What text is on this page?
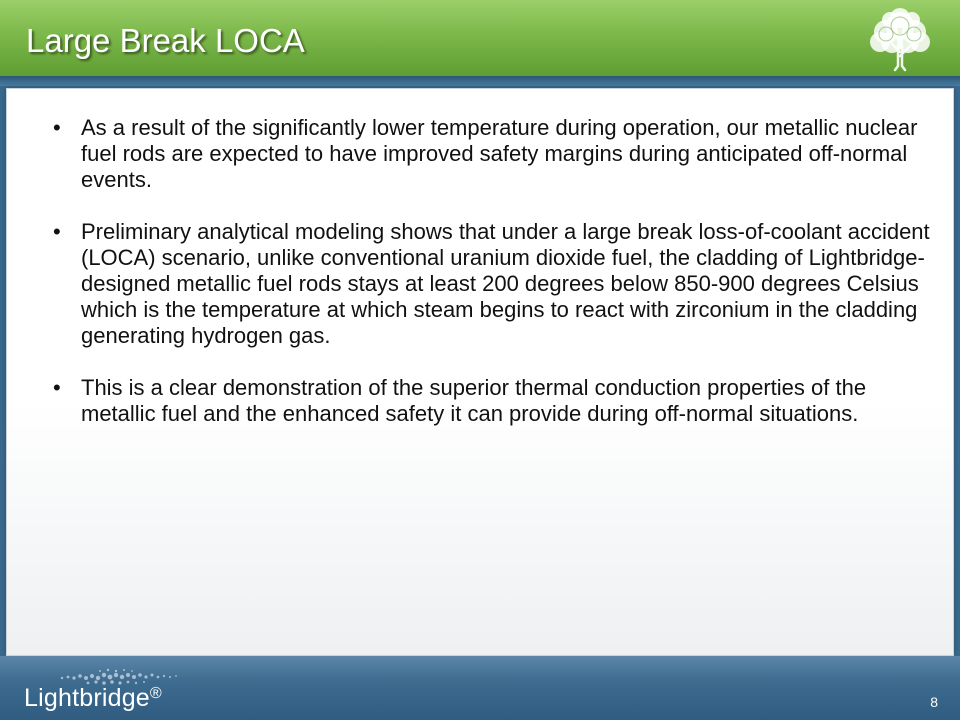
Large Break LOCA
• As a result of the significantly lower temperature during operation, our metallic nuclear fuel rods are expected to have improved safety margins during anticipated off-normal events.
• Preliminary analytical modeling shows that under a large break loss-of-coolant accident (LOCA) scenario, unlike conventional uranium dioxide fuel, the cladding of Lightbridge-designed metallic fuel rods stays at least 200 degrees below 850-900 degrees Celsius which is the temperature at which steam begins to react with zirconium in the cladding generating hydrogen gas.
• This is a clear demonstration of the superior thermal conduction properties of the metallic fuel and the enhanced safety it can provide during off-normal situations.
Lightbridge®	8
